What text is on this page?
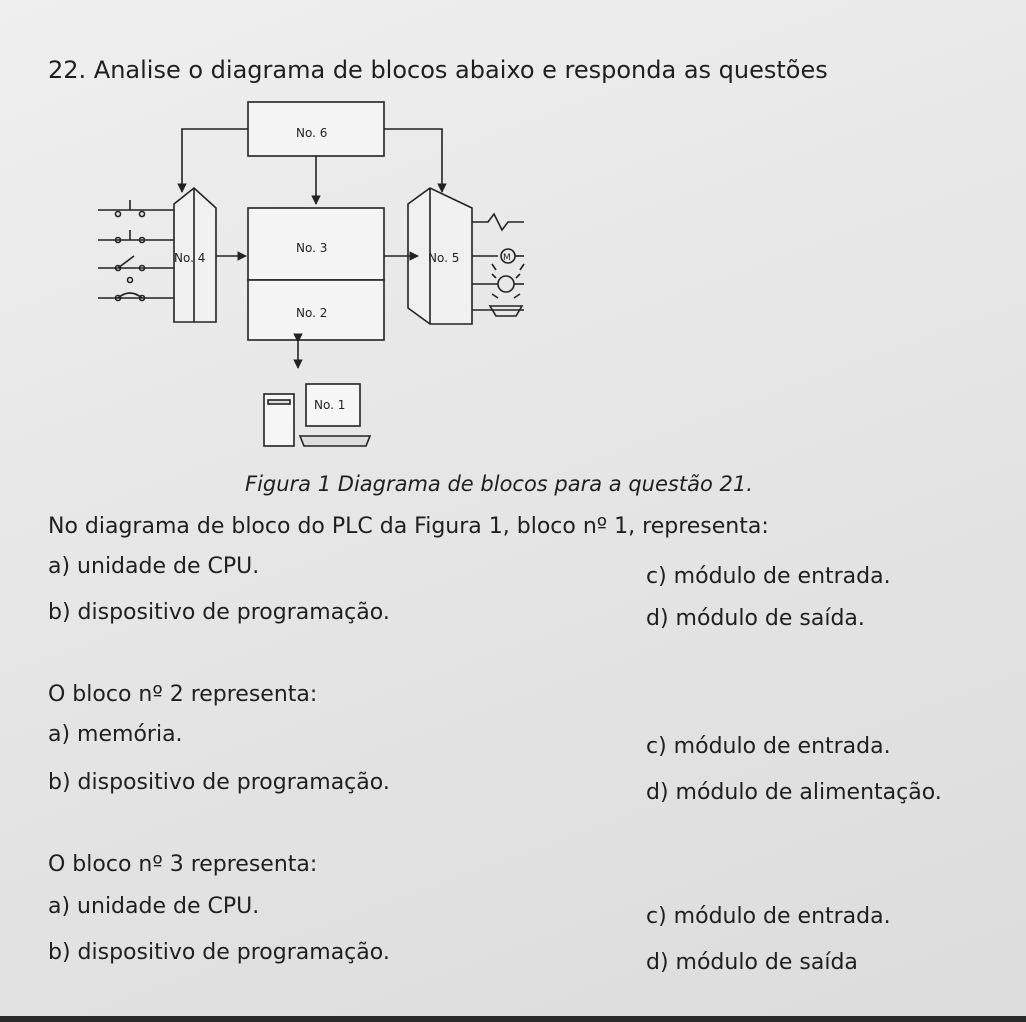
22. Analise o diagrama de blocos abaixo e responda as questões
No. 6
No. 3
No. 2
No. 4	No. 5
No. 1
M
Figura 1 Diagrama de blocos para a questão 21.
No diagrama de bloco do PLC da Figura 1, bloco nº 1, representa:
a) unidade de CPU.	c) módulo de entrada.
b) dispositivo de programação.	d) módulo de saída.
O bloco nº 2 representa:
a) memória.	c) módulo de entrada.
b) dispositivo de programação.	d) módulo de alimentação.
O bloco nº 3 representa:
a) unidade de CPU.	c) módulo de entrada.
b) dispositivo de programação.	d) módulo de saída
